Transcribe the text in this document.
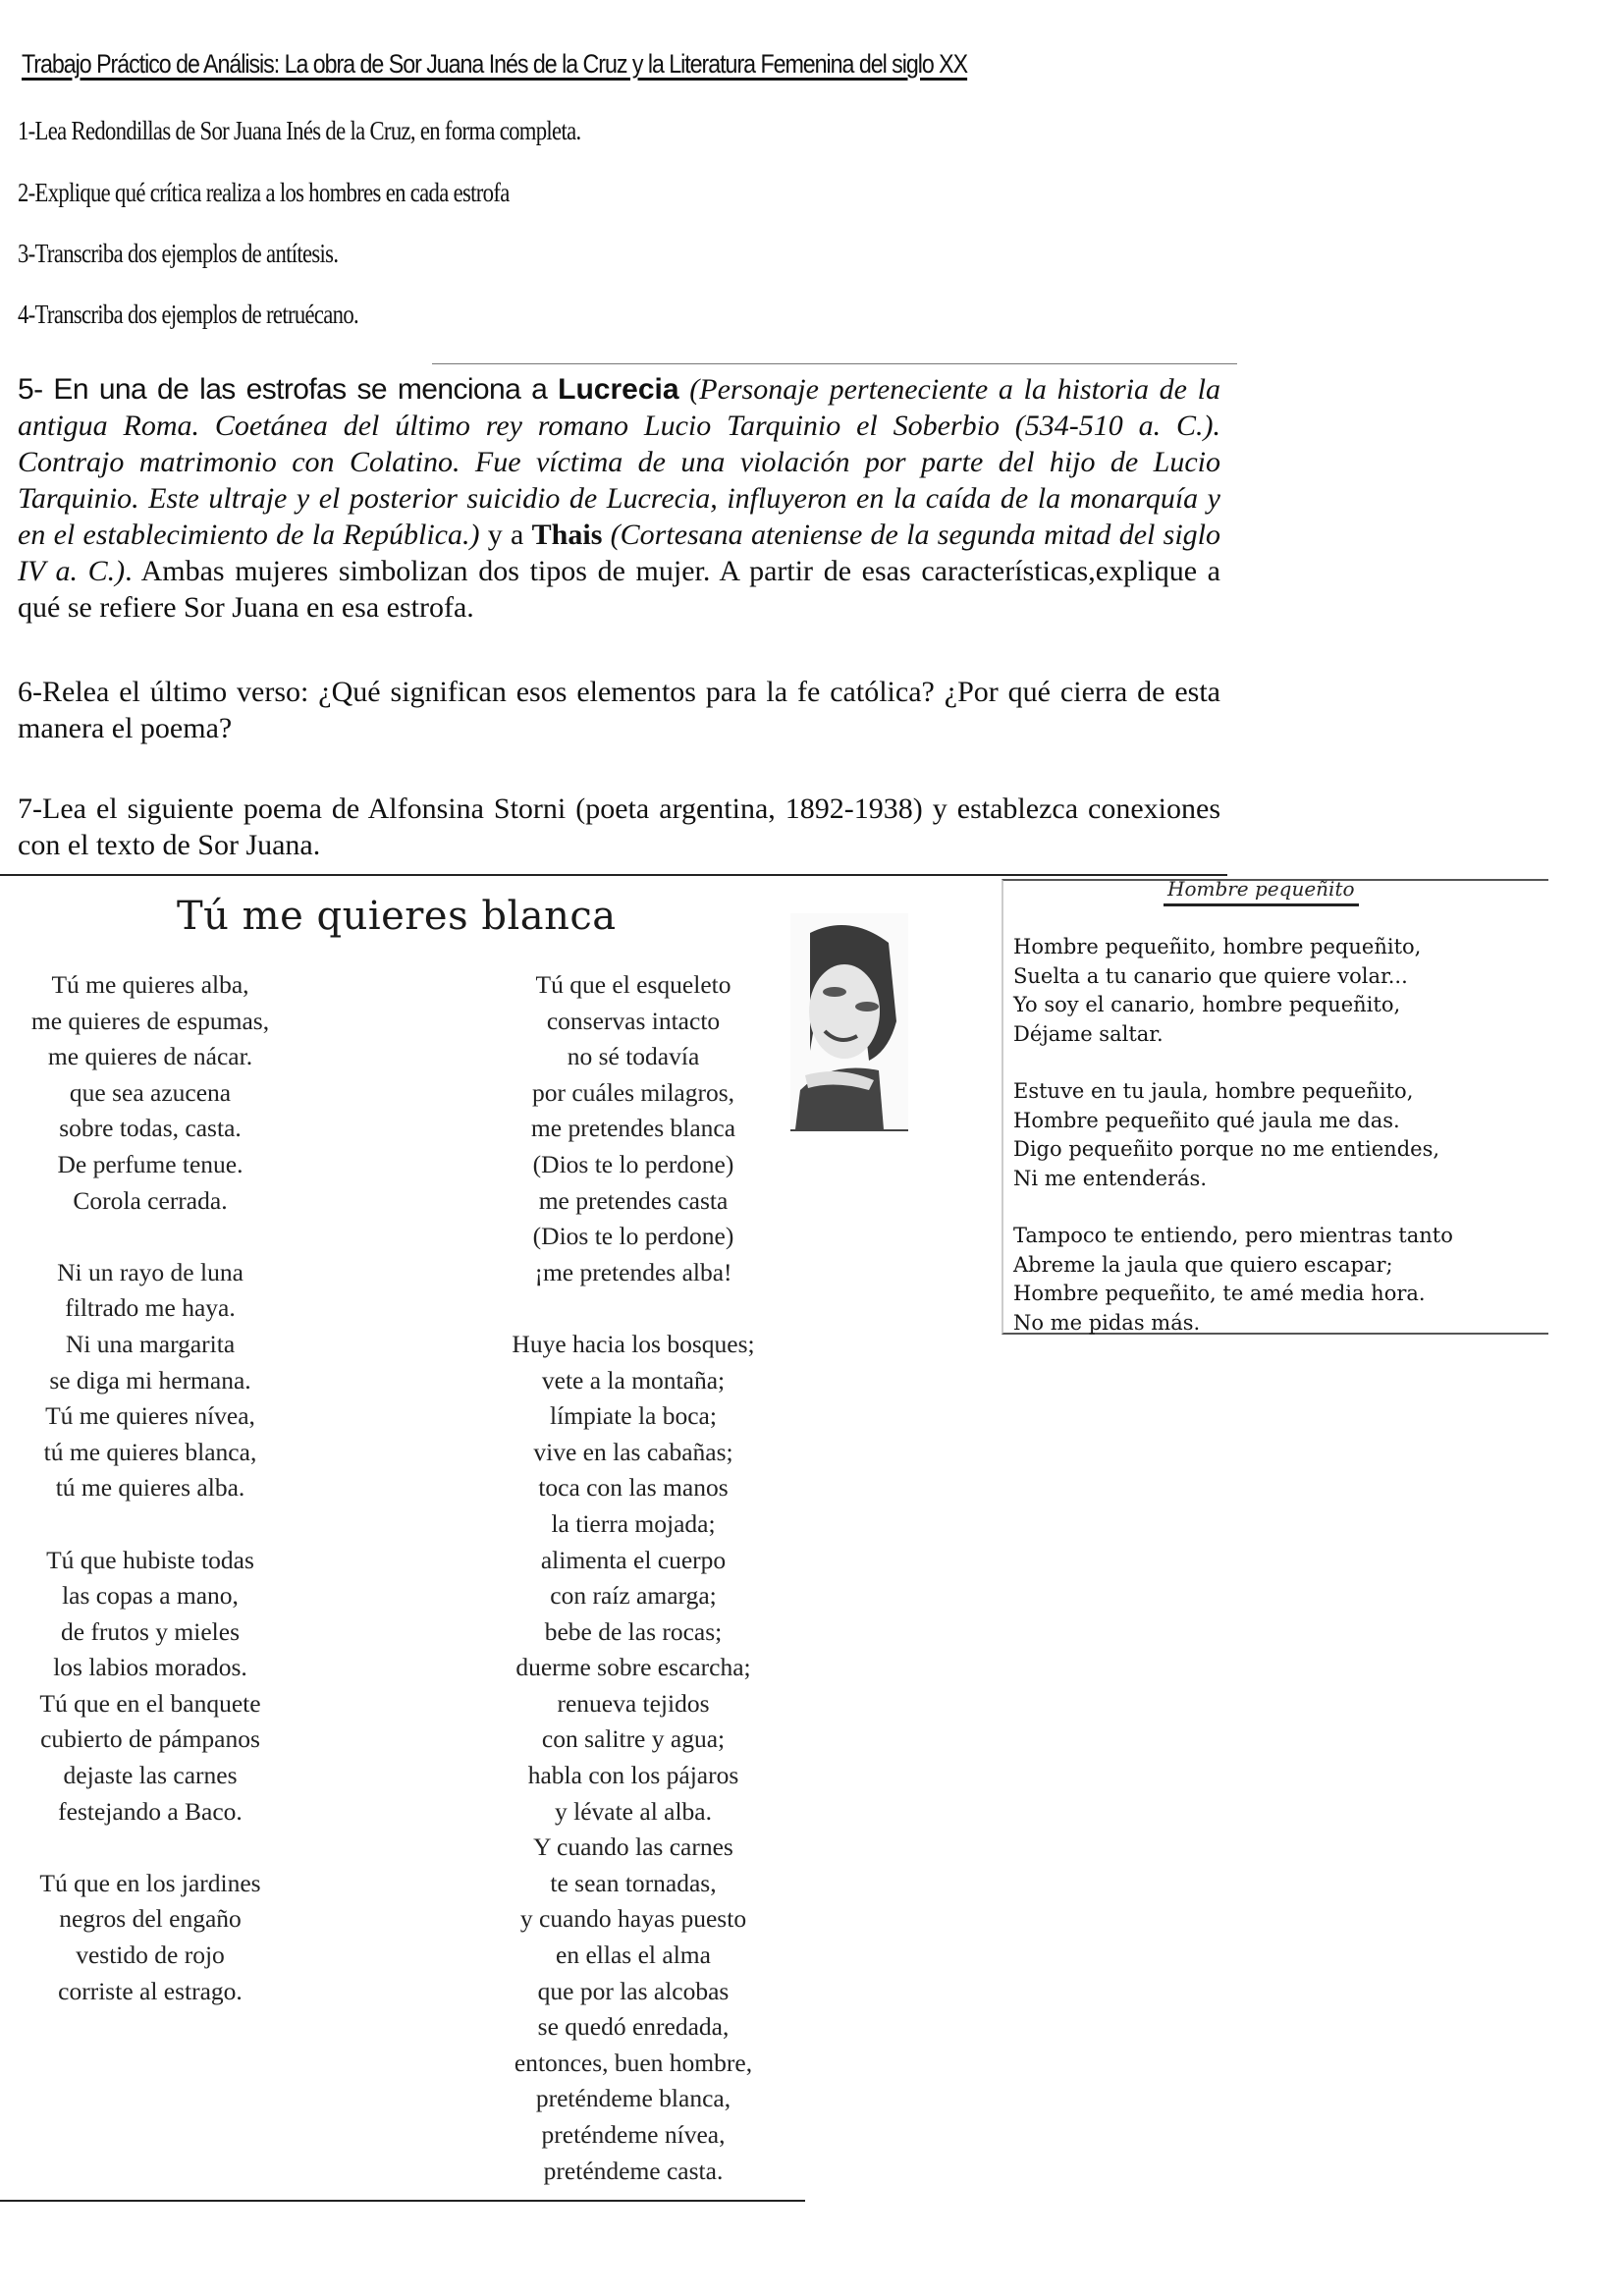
Trabajo Práctico de Análisis: La obra de Sor Juana Inés de la Cruz y la Literatura Femenina del siglo XX
1-Lea Redondillas de Sor Juana Inés de la Cruz, en forma completa.
2-Explique qué crítica realiza a los hombres en cada estrofa
3-Transcriba dos ejemplos de antítesis.
4-Transcriba dos ejemplos de retruécano.
5- En una de las estrofas se menciona a Lucrecia (Personaje perteneciente a la historia de la antigua Roma. Coetánea del último rey romano Lucio Tarquinio el Soberbio (534-510 a. C.). Contrajo matrimonio con Colatino. Fue víctima de una violación por parte del hijo de Lucio Tarquinio. Este ultraje y el posterior suicidio de Lucrecia, influyeron en la caída de la monarquía y en el establecimiento de la República.) y a Thais (Cortesana ateniense de la segunda mitad del siglo IV a. C.). Ambas mujeres simbolizan dos tipos de mujer. A partir de esas características,explique a qué se refiere Sor Juana en esa estrofa.
6-Relea el último verso: ¿Qué significan esos elementos para la fe católica? ¿Por qué cierra de esta manera el poema?
7-Lea el siguiente poema de Alfonsina Storni (poeta argentina, 1892-1938) y establezca conexiones con el texto de Sor Juana.
Tú me quieres blanca
Tú me quieres alba,
me quieres de espumas,
me quieres de nácar.
que sea azucena
sobre todas, casta.
De perfume tenue.
Corola cerrada.
Ni un rayo de luna
filtrado me haya.
Ni una margarita
se diga mi hermana.
Tú me quieres nívea,
tú me quieres blanca,
tú me quieres alba.
Tú que hubiste todas
las copas a mano,
de frutos y mieles
los labios morados.
Tú que en el banquete
cubierto de pámpanos
dejaste las carnes
festejando a Baco.
Tú que en los jardines
negros del engaño
vestido de rojo
corriste al estrago.
Tú que el esqueleto
conservas intacto
no sé todavía
por cuáles milagros,
me pretendes blanca
(Dios te lo perdone)
me pretendes casta
(Dios te lo perdone)
¡me pretendes alba!
Huye hacia los bosques;
vete a la montaña;
límpiate la boca;
vive en las cabañas;
toca con las manos
la tierra mojada;
alimenta el cuerpo
con raíz amarga;
bebe de las rocas;
duerme sobre escarcha;
renueva tejidos
con salitre y agua;
habla con los pájaros
y lévate al alba.
Y cuando las carnes
te sean tornadas,
y cuando hayas puesto
en ellas el alma
que por las alcobas
se quedó enredada,
entonces, buen hombre,
preténdeme blanca,
preténdeme nívea,
preténdeme casta.
Hombre pequeñito
Hombre pequeñito, hombre pequeñito,
Suelta a tu canario que quiere volar...
Yo soy el canario, hombre pequeñito,
Déjame saltar.
Estuve en tu jaula, hombre pequeñito,
Hombre pequeñito qué jaula me das.
Digo pequeñito porque no me entiendes,
Ni me entenderás.
Tampoco te entiendo, pero mientras tanto
Abreme la jaula que quiero escapar;
Hombre pequeñito, te amé media hora.
No me pidas más.
